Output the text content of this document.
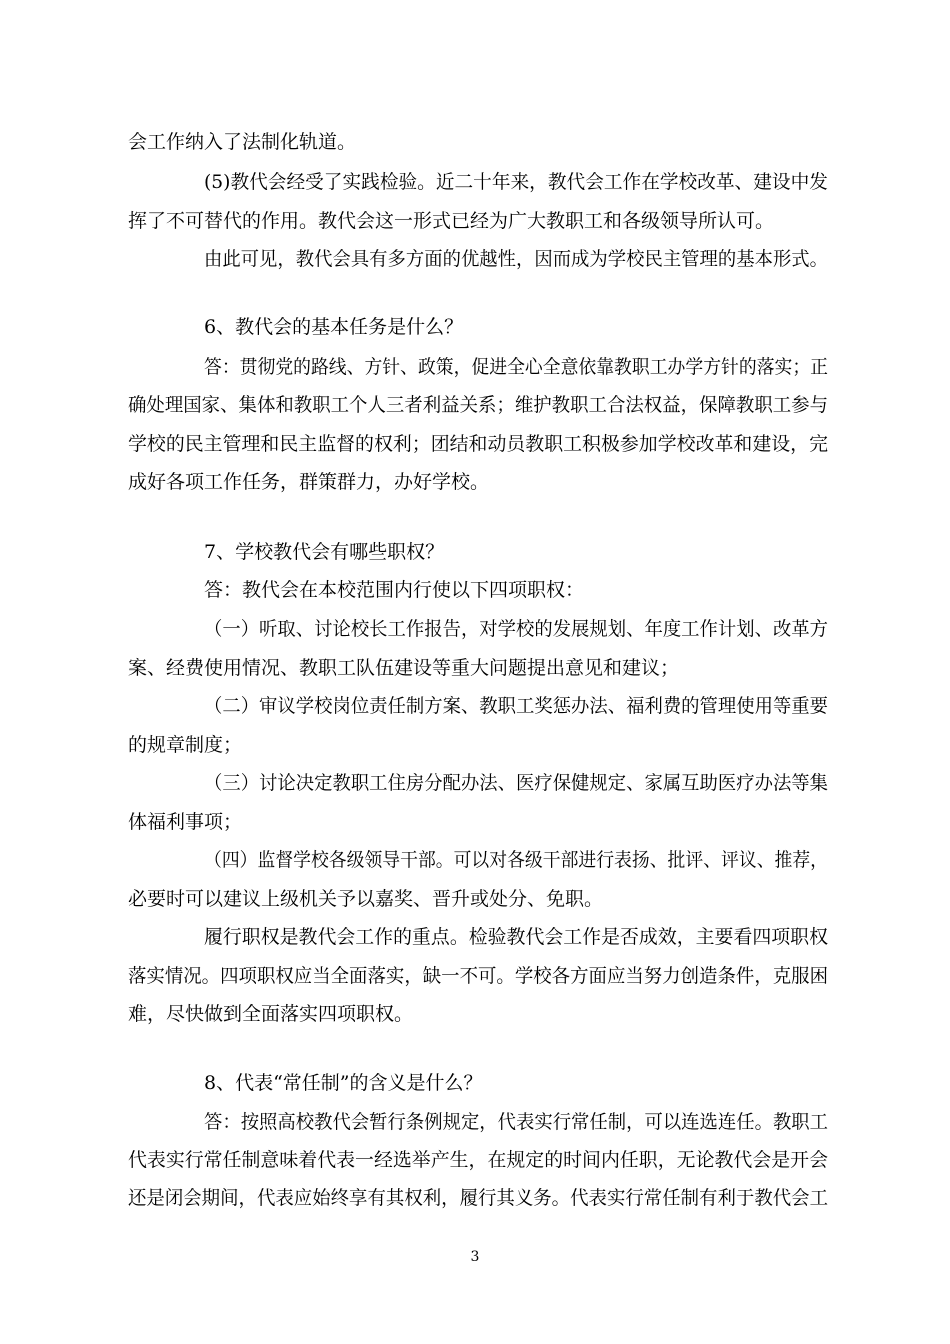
会工作纳入了法制化轨道。
(5)教代会经受了实践检验。近二十年来，教代会工作在学校改革、建设中发
挥了不可替代的作用。教代会这一形式已经为广大教职工和各级领导所认可。
由此可见，教代会具有多方面的优越性，因而成为学校民主管理的基本形式。
6、教代会的基本任务是什么？
答：贯彻党的路线、方针、政策，促进全心全意依靠教职工办学方针的落实；正
确处理国家、集体和教职工个人三者利益关系；维护教职工合法权益，保障教职工参与
学校的民主管理和民主监督的权利；团结和动员教职工积极参加学校改革和建设，完
成好各项工作任务，群策群力，办好学校。
7、学校教代会有哪些职权？
答：教代会在本校范围内行使以下四项职权：
（一）听取、讨论校长工作报告，对学校的发展规划、年度工作计划、改革方
案、经费使用情况、教职工队伍建设等重大问题提出意见和建议；
（二）审议学校岗位责任制方案、教职工奖惩办法、福利费的管理使用等重要
的规章制度；
（三）讨论决定教职工住房分配办法、医疗保健规定、家属互助医疗办法等集
体福利事项；
（四）监督学校各级领导干部。可以对各级干部进行表扬、批评、评议、推荐，
必要时可以建议上级机关予以嘉奖、晋升或处分、免职。
履行职权是教代会工作的重点。检验教代会工作是否成效，主要看四项职权
落实情况。四项职权应当全面落实，缺一不可。学校各方面应当努力创造条件，克服困
难，尽快做到全面落实四项职权。
8、代表“常任制”的含义是什么？
答：按照高校教代会暂行条例规定，代表实行常任制，可以连选连任。教职工
代表实行常任制意味着代表一经选举产生，在规定的时间内任职，无论教代会是开会
还是闭会期间，代表应始终享有其权利，履行其义务。代表实行常任制有利于教代会工
3
